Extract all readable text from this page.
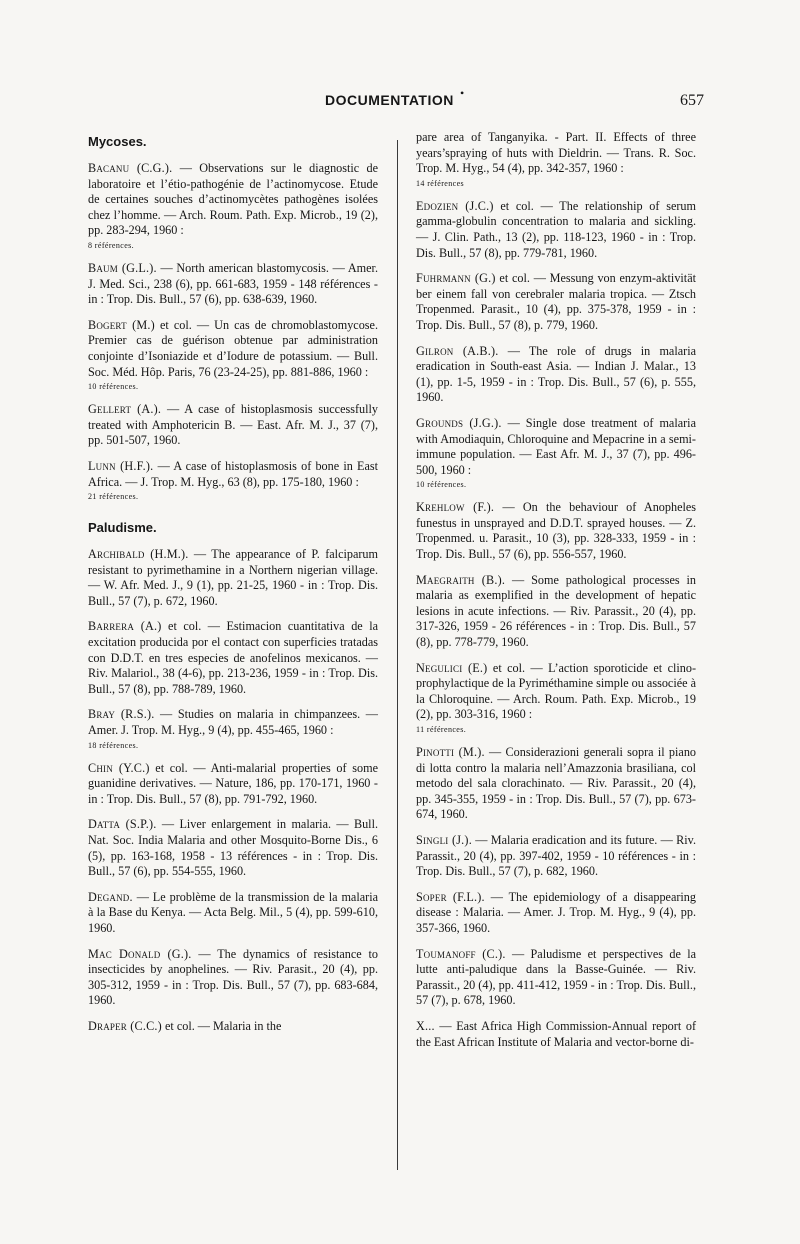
DOCUMENTATION •	657
Mycoses.

Bacanu (C.G.). — Observations sur le diagnostic de laboratoire et l’étio-pathogénie de l’actinomycose. Etude de certaines souches d’actinomycètes pathogènes isolées chez l’homme. — Arch. Roum. Path. Exp. Microb., 19 (2), pp. 283-294, 1960 :
8 références.

Baum (G.L.). — North american blastomycosis. — Amer. J. Med. Sci., 238 (6), pp. 661-683, 1959 - 148 références - in : Trop. Dis. Bull., 57 (6), pp. 638-639, 1960.

Bogert (M.) et col. — Un cas de chromoblastomycose. Premier cas de guérison obtenue par administration conjointe d’Isoniazide et d’Iodure de potassium. — Bull. Soc. Méd. Hôp. Paris, 76 (23-24-25), pp. 881-886, 1960 :
10 références.

Gellert (A.). — A case of histoplasmosis successfully treated with Amphotericin B. — East. Afr. M. J., 37 (7), pp. 501-507, 1960.

Lunn (H.F.). — A case of histoplasmosis of bone in East Africa. — J. Trop. M. Hyg., 63 (8), pp. 175-180, 1960 :
21 références.

Paludisme.

Archibald (H.M.). — The appearance of P. falciparum resistant to pyrimethamine in a Northern nigerian village. — W. Afr. Med. J., 9 (1), pp. 21-25, 1960 - in : Trop. Dis. Bull., 57 (7), p. 672, 1960.

Barrera (A.) et col. — Estimacion cuantitativa de la excitation producida por el contact con superficies tratadas con D.D.T. en tres especies de anofelinos mexicanos. — Riv. Malariol., 38 (4-6), pp. 213-236, 1959 - in : Trop. Dis. Bull., 57 (8), pp. 788-789, 1960.

Bray (R.S.). — Studies on malaria in chimpanzees. — Amer. J. Trop. M. Hyg., 9 (4), pp. 455-465, 1960 :
18 références.

Chin (Y.C.) et col. — Anti-malarial properties of some guanidine derivatives. — Nature, 186, pp. 170-171, 1960 - in : Trop. Dis. Bull., 57 (8), pp. 791-792, 1960.

Datta (S.P.). — Liver enlargement in malaria. — Bull. Nat. Soc. India Malaria and other Mosquito-Borne Dis., 6 (5), pp. 163-168, 1958 - 13 références - in : Trop. Dis. Bull., 57 (6), pp. 554-555, 1960.

Degand. — Le problème de la transmission de la malaria à la Base du Kenya. — Acta Belg. Mil., 5 (4), pp. 599-610, 1960.

Mac Donald (G.). — The dynamics of resistance to insecticides by anophelines. — Riv. Parasit., 20 (4), pp. 305-312, 1959 - in : Trop. Dis. Bull., 57 (7), pp. 683-684, 1960.

Draper (C.C.) et col. — Malaria in the

pare area of Tanganyika. - Part. II. Effects of three years’spraying of huts with Dieldrin. — Trans. R. Soc. Trop. M. Hyg., 54 (4), pp. 342-357, 1960 :
14 références

Edozien (J.C.) et col. — The relationship of serum gamma-globulin concentration to malaria and sickling. — J. Clin. Path., 13 (2), pp. 118-123, 1960 - in : Trop. Dis. Bull., 57 (8), pp. 779-781, 1960.

Fuhrmann (G.) et col. — Messung von enzym-aktivität ber einem fall von cerebraler malaria tropica. — Ztsch Tropenmed. Parasit., 10 (4), pp. 375-378, 1959 - in : Trop. Dis. Bull., 57 (8), p. 779, 1960.

Gilron (A.B.). — The role of drugs in malaria eradication in South-east Asia. — Indian J. Malar., 13 (1), pp. 1-5, 1959 - in : Trop. Dis. Bull., 57 (6), p. 555, 1960.

Grounds (J.G.). — Single dose treatment of malaria with Amodiaquin, Chloroquine and Mepacrine in a semi-immune population. — East Afr. M. J., 37 (7), pp. 496-500, 1960 :
10 références.

Krehlow (F.). — On the behaviour of Anopheles funestus in unsprayed and D.D.T. sprayed houses. — Z. Tropenmed. u. Parasit., 10 (3), pp. 328-333, 1959 - in : Trop. Dis. Bull., 57 (6), pp. 556-557, 1960.

Maegraith (B.). — Some pathological processes in malaria as exemplified in the development of hepatic lesions in acute infections. — Riv. Parassit., 20 (4), pp. 317-326, 1959 - 26 références - in : Trop. Dis. Bull., 57 (8), pp. 778-779, 1960.

Negulici (E.) et col. — L’action sporoticide et clino-prophylactique de la Pyriméthamine simple ou associée à la Chloroquine. — Arch. Roum. Path. Exp. Microb., 19 (2), pp. 303-316, 1960 :
11 références.

Pinotti (M.). — Considerazioni generali sopra il piano di lotta contro la malaria nell’Amazzonia brasiliana, col metodo del sala clorachinato. — Riv. Parassit., 20 (4), pp. 345-355, 1959 - in : Trop. Dis. Bull., 57 (7), pp. 673-674, 1960.

Singli (J.). — Malaria eradication and its future. — Riv. Parassit., 20 (4), pp. 397-402, 1959 - 10 références - in : Trop. Dis. Bull., 57 (7), p. 682, 1960.

Soper (F.L.). — The epidemiology of a disappearing disease : Malaria. — Amer. J. Trop. M. Hyg., 9 (4), pp. 357-366, 1960.

Toumanoff (C.). — Paludisme et perspectives de la lutte anti-paludique dans la Basse-Guinée. — Riv. Parassit., 20 (4), pp. 411-412, 1959 - in : Trop. Dis. Bull., 57 (7), p. 678, 1960.

X... — East Africa High Commission-Annual report of the East African Institute of Malaria and vector-borne di-
